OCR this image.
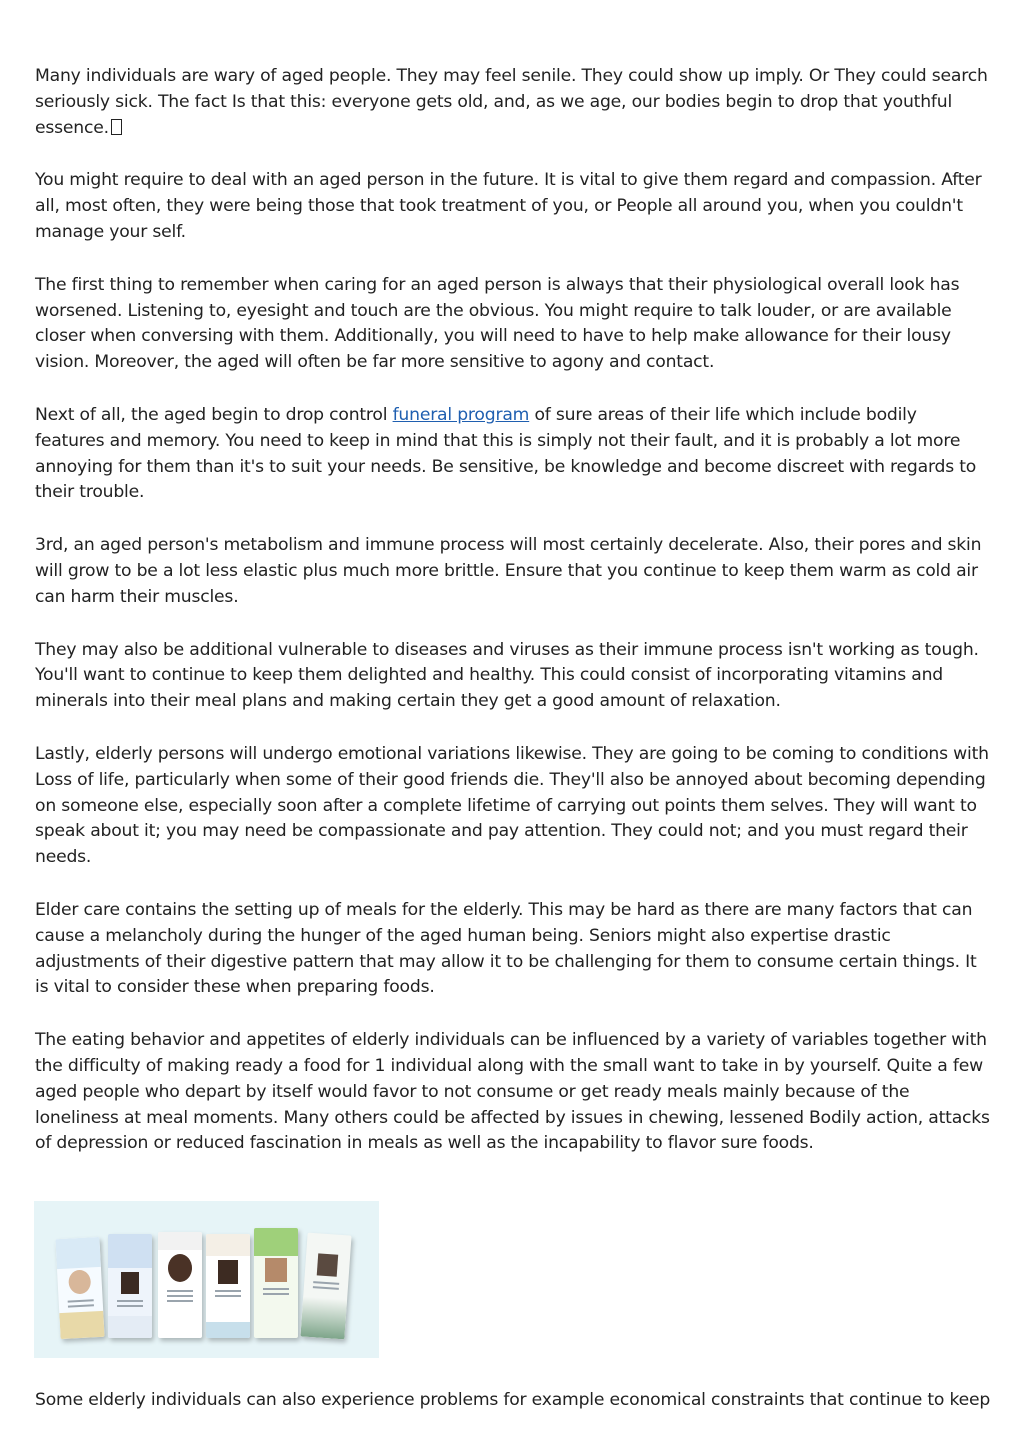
Many individuals are wary of aged people. They may feel senile. They could show up imply. Or They could search seriously sick. The fact Is that this: everyone gets old, and, as we age, our bodies begin to drop that youthful essence.

You might require to deal with an aged person in the future. It is vital to give them regard and compassion. After all, most often, they were being those that took treatment of you, or People all around you, when you couldn't manage your self.

The first thing to remember when caring for an aged person is always that their physiological overall look has worsened. Listening to, eyesight and touch are the obvious. You might require to talk louder, or are available closer when conversing with them. Additionally, you will need to have to help make allowance for their lousy vision. Moreover, the aged will often be far more sensitive to agony and contact.

Next of all, the aged begin to drop control funeral program of sure areas of their life which include bodily features and memory. You need to keep in mind that this is simply not their fault, and it is probably a lot more annoying for them than it's to suit your needs. Be sensitive, be knowledge and become discreet with regards to their trouble.

3rd, an aged person's metabolism and immune process will most certainly decelerate. Also, their pores and skin will grow to be a lot less elastic plus much more brittle. Ensure that you continue to keep them warm as cold air can harm their muscles.

They may also be additional vulnerable to diseases and viruses as their immune process isn't working as tough. You'll want to continue to keep them delighted and healthy. This could consist of incorporating vitamins and minerals into their meal plans and making certain they get a good amount of relaxation.

Lastly, elderly persons will undergo emotional variations likewise. They are going to be coming to conditions with Loss of life, particularly when some of their good friends die. They'll also be annoyed about becoming depending on someone else, especially soon after a complete lifetime of carrying out points them selves. They will want to speak about it; you may need be compassionate and pay attention. They could not; and you must regard their needs.

Elder care contains the setting up of meals for the elderly. This may be hard as there are many factors that can cause a melancholy during the hunger of the aged human being. Seniors might also expertise drastic adjustments of their digestive pattern that may allow it to be challenging for them to consume certain things. It is vital to consider these when preparing foods.

The eating behavior and appetites of elderly individuals can be influenced by a variety of variables together with the difficulty of making ready a food for 1 individual along with the small want to take in by yourself. Quite a few aged people who depart by itself would favor to not consume or get ready meals mainly because of the loneliness at meal moments. Many others could be affected by issues in chewing, lessened Bodily action, attacks of depression or reduced fascination in meals as well as the incapability to flavor sure foods.

Some elderly individuals can also experience problems for example economical constraints that continue to keep
